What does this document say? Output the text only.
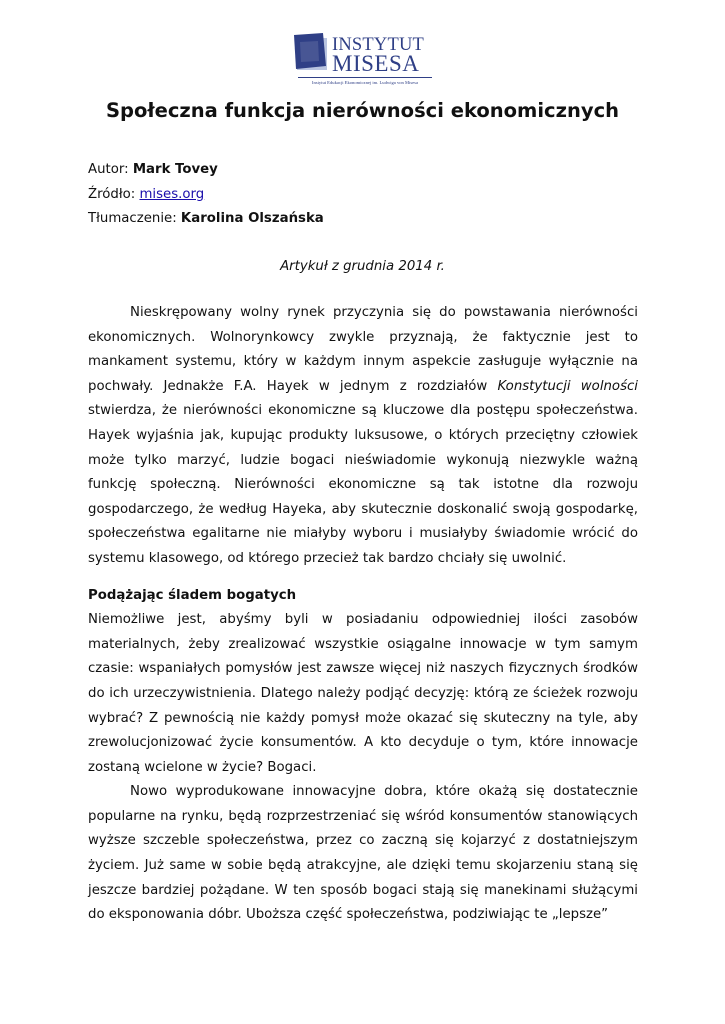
INSTYTUT
MISESA
Instytut Edukacji Ekonomicznej im. Ludwiga von Misesa
Społeczna funkcja nierówności ekonomicznych
Autor: Mark Tovey
Źródło: mises.org
Tłumaczenie: Karolina Olszańska
Artykuł z grudnia 2014 r.

Nieskrępowany wolny rynek przyczynia się do powstawania nierówności ekonomicznych. Wolnorynkowcy zwykle przyznają, że faktycznie jest to mankament systemu, który w każdym innym aspekcie zasługuje wyłącznie na pochwały. Jednakże F.A. Hayek w jednym z rozdziałów Konstytucji wolności stwierdza, że nierówności ekonomiczne są kluczowe dla postępu społeczeństwa. Hayek wyjaśnia jak, kupując produkty luksusowe, o których przeciętny człowiek może tylko marzyć, ludzie bogaci nieświadomie wykonują niezwykle ważną funkcję społeczną. Nierówności ekonomiczne są tak istotne dla rozwoju gospodarczego, że według Hayeka, aby skutecznie doskonalić swoją gospodarkę, społeczeństwa egalitarne nie miałyby wyboru i musiałyby świadomie wrócić do systemu klasowego, od którego przecież tak bardzo chciały się uwolnić.

Podążając śladem bogatych

Niemożliwe jest, abyśmy byli w posiadaniu odpowiedniej ilości zasobów materialnych, żeby zrealizować wszystkie osiągalne innowacje w tym samym czasie: wspaniałych pomysłów jest zawsze więcej niż naszych fizycznych środków do ich urzeczywistnienia. Dlatego należy podjąć decyzję: którą ze ścieżek rozwoju wybrać? Z pewnością nie każdy pomysł może okazać się skuteczny na tyle, aby zrewolucjonizować życie konsumentów. A kto decyduje o tym, które innowacje zostaną wcielone w życie? Bogaci.

Nowo wyprodukowane innowacyjne dobra, które okażą się dostatecznie popularne na rynku, będą rozprzestrzeniać się wśród konsumentów stanowiących wyższe szczeble społeczeństwa, przez co zaczną się kojarzyć z dostatniejszym życiem. Już same w sobie będą atrakcyjne, ale dzięki temu skojarzeniu staną się jeszcze bardziej pożądane. W ten sposób bogaci stają się manekinami służącymi do eksponowania dóbr. Uboższa część społeczeństwa, podziwiając te „lepsze”
